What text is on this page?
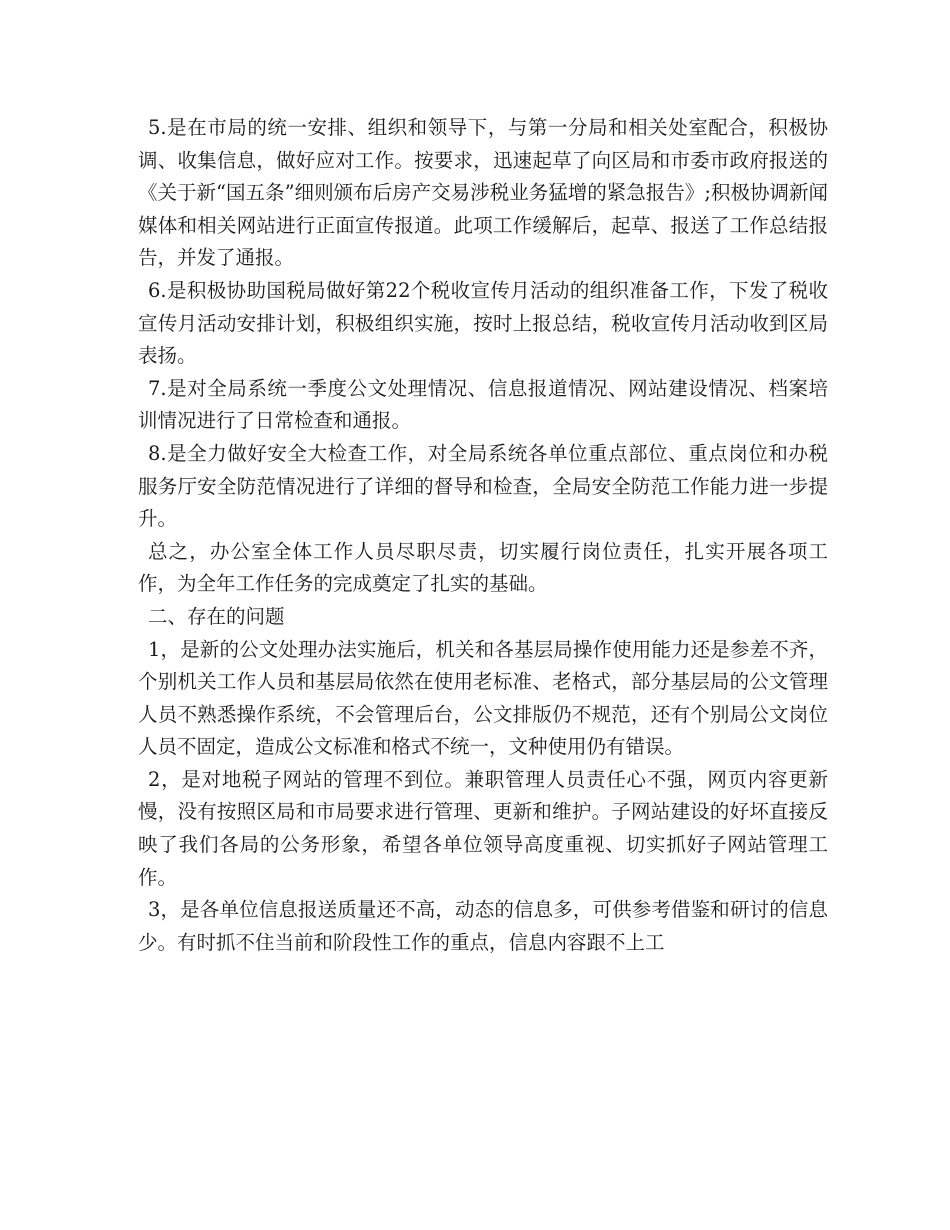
5.是在市局的统一安排、组织和领导下，与第一分局和相关处室配合，积极协调、收集信息，做好应对工作。按要求，迅速起草了向区局和市委市政府报送的《关于新“国五条”细则颁布后房产交易涉税业务猛增的紧急报告》;积极协调新闻媒体和相关网站进行正面宣传报道。此项工作缓解后，起草、报送了工作总结报告，并发了通报。

6.是积极协助国税局做好第22个税收宣传月活动的组织准备工作，下发了税收宣传月活动安排计划，积极组织实施，按时上报总结，税收宣传月活动收到区局表扬。

7.是对全局系统一季度公文处理情况、信息报道情况、网站建设情况、档案培训情况进行了日常检查和通报。

8.是全力做好安全大检查工作，对全局系统各单位重点部位、重点岗位和办税服务厅安全防范情况进行了详细的督导和检查，全局安全防范工作能力进一步提升。

总之，办公室全体工作人员尽职尽责，切实履行岗位责任，扎实开展各项工作，为全年工作任务的完成奠定了扎实的基础。

二、存在的问题

1，是新的公文处理办法实施后，机关和各基层局操作使用能力还是参差不齐，个别机关工作人员和基层局依然在使用老标准、老格式，部分基层局的公文管理人员不熟悉操作系统，不会管理后台，公文排版仍不规范，还有个别局公文岗位人员不固定，造成公文标准和格式不统一，文种使用仍有错误。

2，是对地税子网站的管理不到位。兼职管理人员责任心不强，网页内容更新慢，没有按照区局和市局要求进行管理、更新和维护。子网站建设的好坏直接反映了我们各局的公务形象，希望各单位领导高度重视、切实抓好子网站管理工作。

3，是各单位信息报送质量还不高，动态的信息多，可供参考借鉴和研讨的信息少。有时抓不住当前和阶段性工作的重点，信息内容跟不上工
